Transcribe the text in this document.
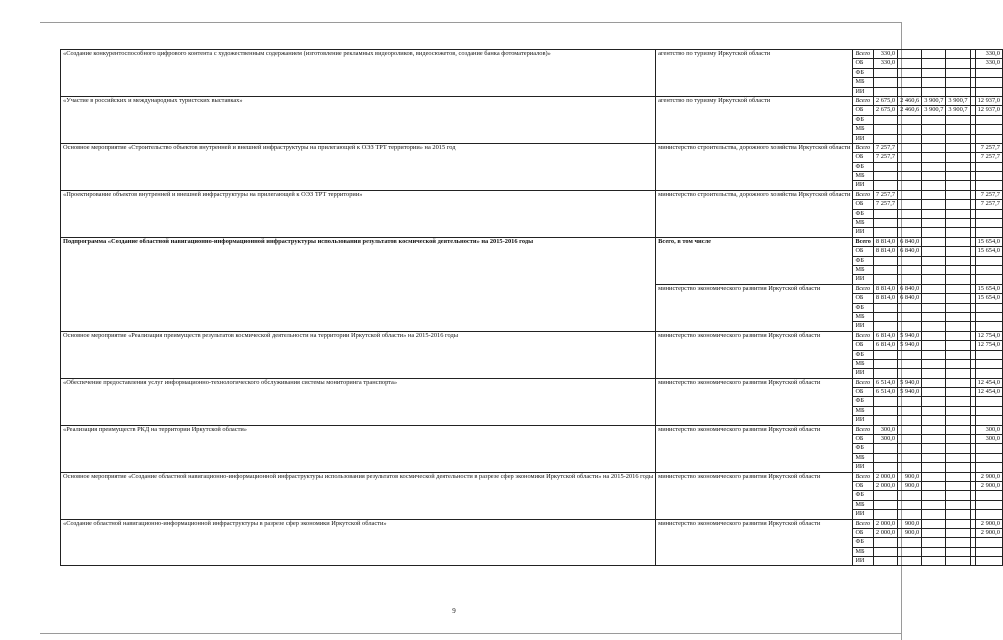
«Создание конкурентоспособного цифрового контента с художественным содержанием (изготовление рекламных видеороликов, видеосюжетов, создание банка фотоматериалов)»	агентство по туризму Иркутской области	Всего	330,0					330,0
		ОБ	330,0					330,0
		ФБ						
		МБ						
		ИИ						
«Участие в российских и международных туристских выставках»	агентство по туризму Иркутской области	Всего	2 675,0	2 460,6	3 900,7	3 900,7		12 937,0
		ОБ	2 675,0	2 460,6	3 900,7	3 900,7		12 937,0
		ФБ						
		МБ						
		ИИ						
Основное мероприятие «Строительство объектов внутренней и внешней инфраструктуры на прилегающей к ОЭЗ ТРТ территории» на 2015 год	министерство строительства, дорожного хозяйства Иркутской области	Всего	7 257,7					7 257,7
		ОБ	7 257,7					7 257,7
		ФБ						
		МБ						
		ИИ						
«Проектирование объектов внутренней и внешней инфраструктуры на прилегающей к ОЭЗ ТРТ территории»	министерство строительства, дорожного хозяйства Иркутской области	Всего	7 257,7					7 257,7
		ОБ	7 257,7					7 257,7
		ФБ						
		МБ						
		ИИ						
Подпрограмма «Создание областной навигационно-информационной инфраструктуры использования результатов космической деятельности» на 2015-2016 годы	Всего, в том числе	Всего	8 814,0	6 840,0				15 654,0
		ОБ	8 814,0	6 840,0				15 654,0
		ФБ						
		МБ						
		ИИ						
	министерство экономического развития Иркутской области	Всего	8 814,0	6 840,0				15 654,0
		ОБ	8 814,0	6 840,0				15 654,0
		ФБ						
		МБ						
		ИИ						
Основное мероприятие «Реализация преимуществ результатов космической деятельности на территории Иркутской области» на 2015-2016 годы	министерство экономического развития Иркутской области	Всего	6 814,0	5 940,0				12 754,0
		ОБ	6 814,0	5 940,0				12 754,0
		ФБ						
		МБ						
		ИИ						
«Обеспечение предоставления услуг информационно-технологического обслуживания системы мониторинга транспорта»	министерство экономического развития Иркутской области	Всего	6 514,0	5 940,0				12 454,0
		ОБ	6 514,0	5 940,0				12 454,0
		ФБ						
		МБ						
		ИИ						
«Реализация преимуществ РКД на территории Иркутской области»	министерство экономического развития Иркутской области	Всего	300,0					300,0
		ОБ	300,0					300,0
		ФБ						
		МБ						
		ИИ						
Основное мероприятие «Создание областной навигационно-информационной инфраструктуры использования результатов космической деятельности в разрезе сфер экономики Иркутской области» на 2015-2016 годы	министерство экономического развития Иркутской области	Всего	2 000,0	900,0				2 900,0
		ОБ	2 000,0	900,0				2 900,0
		ФБ						
		МБ						
		ИИ						
«Создание областной навигационно-информационной инфраструктуры в разрезе сфер экономики Иркутской области»	министерство экономического развития Иркутской области	Всего	2 000,0	900,0				2 900,0
		ОБ	2 000,0	900,0				2 900,0
		ФБ						
		МБ						
		ИИ						
9
